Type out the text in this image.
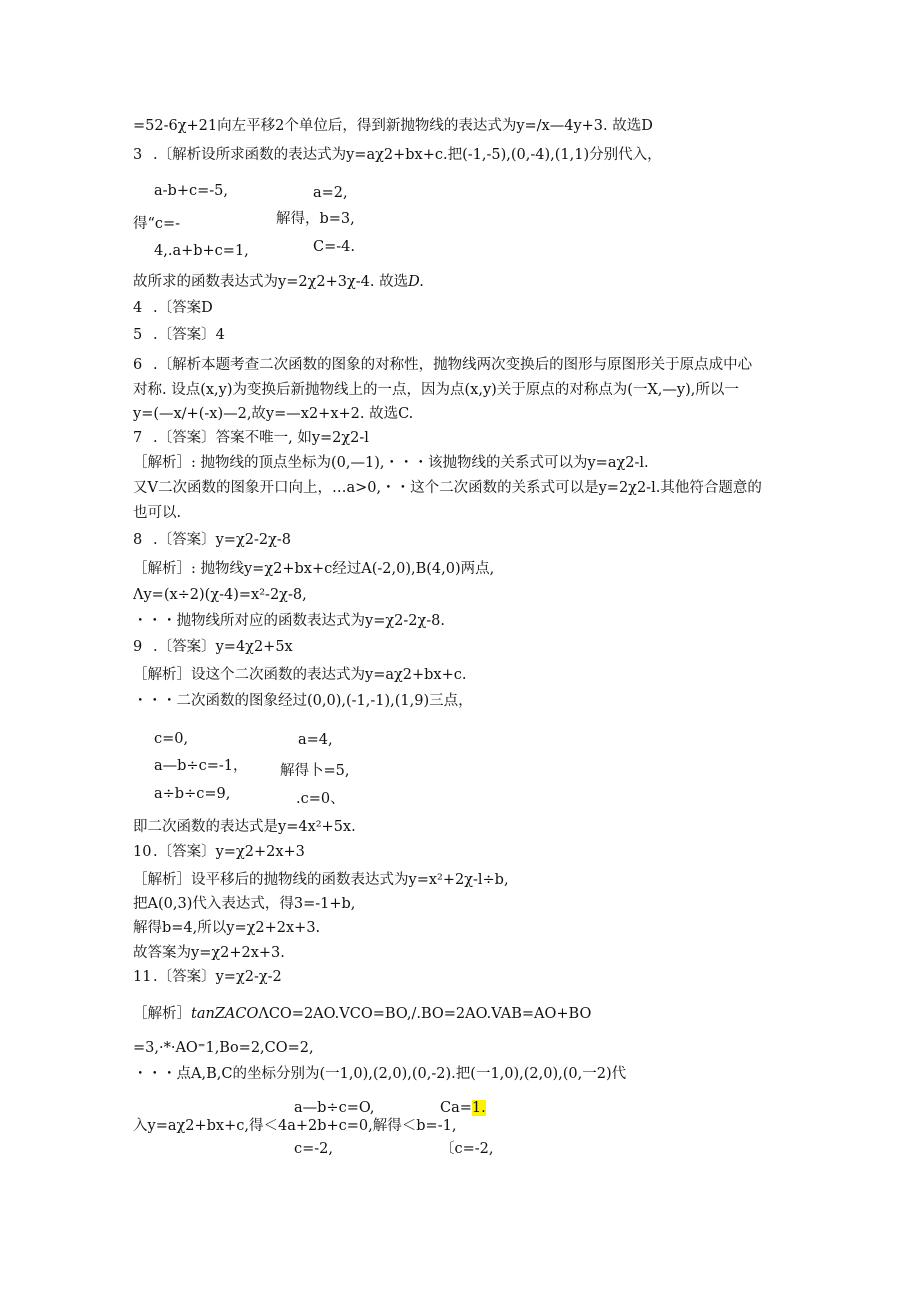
=52-6χ+21向左平移2个单位后，得到新抛物线的表达式为y=/x—4y+3. 故选D
3 .〔解析设所求函数的表达式为y=aχ2+bx+c.把(-1,-5),(0,-4),(1,1)分别代入，
a-b+c=-5,	a=2,
得“c=-	解得，b=3,
4,.a+b+c=1,	C=-4.
故所求的函数表达式为y=2χ2+3χ-4. 故选D.
4 .〔答案D
5 .〔答案〕4
6 .〔解析本题考查二次函数的图象的对称性，抛物线两次变换后的图形与原图形关于原点成中心
对称. 设点(x,y)为变换后新抛物线上的一点，因为点(x,y)关于原点的对称点为(一X,—y),所以一
y=(—x∕+(-x)—2,故y=—x2+x+2. 故选C.
7 .〔答案〕答案不唯一, 如y=2χ2-l
［解析］: 抛物线的顶点坐标为(0,—1),・・・该抛物线的关系式可以为y=aχ2-l.
又V二次函数的图象开口向上，…a>0,・・这个二次函数的关系式可以是y=2χ2-l.其他符合题意的
也可以.
8 .〔答案〕y=χ2-2χ-8
［解析］: 抛物线y=χ2+bx+c经过A(-2,0),B(4,0)两点,
Λy=(x÷2)(χ-4)=x²-2χ-8,
・・・抛物线所对应的函数表达式为y=χ2-2χ-8.
9 .〔答案〕y=4χ2+5x
［解析］设这个二次函数的表达式为y=aχ2+bx+c.
・・・二次函数的图象经过(0,0),(-1,-1),(1,9)三点，
c=0,	a=4,
a—b÷c=-1， 解得卜=5,
a÷b÷c=9,	.c=0、
即二次函数的表达式是y=4x²+5x.
10 .〔答案〕y=χ2+2x+3
［解析］设平移后的抛物线的函数表达式为y=x²+2χ-l÷b,
把A(0,3)代入表达式，得3=-1+b,
解得b=4,所以y=χ2+2x+3.
故答案为y=χ2+2x+3.
11 .〔答案〕y=χ2-χ-2
［解析］tanZACOΛCO=2AO.VCO=BO,/.BO=2AO.VAB=AO+BO
=3,·*·AO⁼1,Bo=2,CO=2,
・・・点A,B,C的坐标分别为(一1,0),(2,0),(0,-2).把(一1,0),(2,0),(0,一2)代
a—b÷c=O,	Ca=1.
入y=aχ2+bx+c,得＜4a+2b+c=0,解得＜b=-1,
c=-2,	〔c=-2,
